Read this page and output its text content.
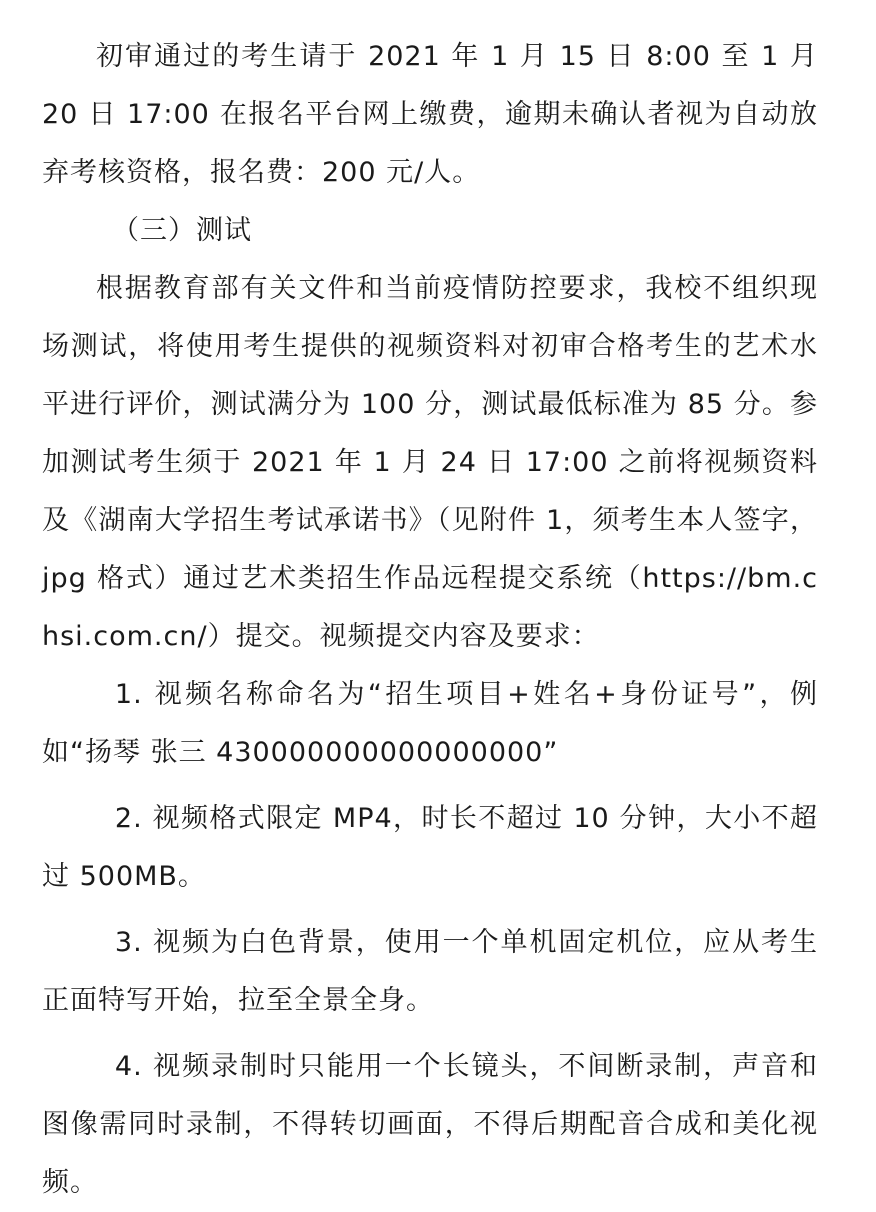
初审通过的考生请于 2021 年 1 月 15 日 8:00 至 1 月 20 日 17:00 在报名平台网上缴费，逾期未确认者视为自动放弃考核资格，报名费：200 元/人。

（三）测试

根据教育部有关文件和当前疫情防控要求，我校不组织现场测试，将使用考生提供的视频资料对初审合格考生的艺术水平进行评价，测试满分为 100 分，测试最低标准为 85 分。参加测试考生须于 2021 年 1 月 24 日 17:00 之前将视频资料及《湖南大学招生考试承诺书》（见附件 1，须考生本人签字，jpg 格式）通过艺术类招生作品远程提交系统（https://bm.chsi.com.cn/）提交。视频提交内容及要求：

1. 视频名称命名为“招生项目+姓名+身份证号”，例如“扬琴 张三 430000000000000000”

2. 视频格式限定 MP4，时长不超过 10 分钟，大小不超过 500MB。

3. 视频为白色背景，使用一个单机固定机位，应从考生正面特写开始，拉至全景全身。

4. 视频录制时只能用一个长镜头，不间断录制，声音和图像需同时录制，不得转切画面，不得后期配音合成和美化视频。
